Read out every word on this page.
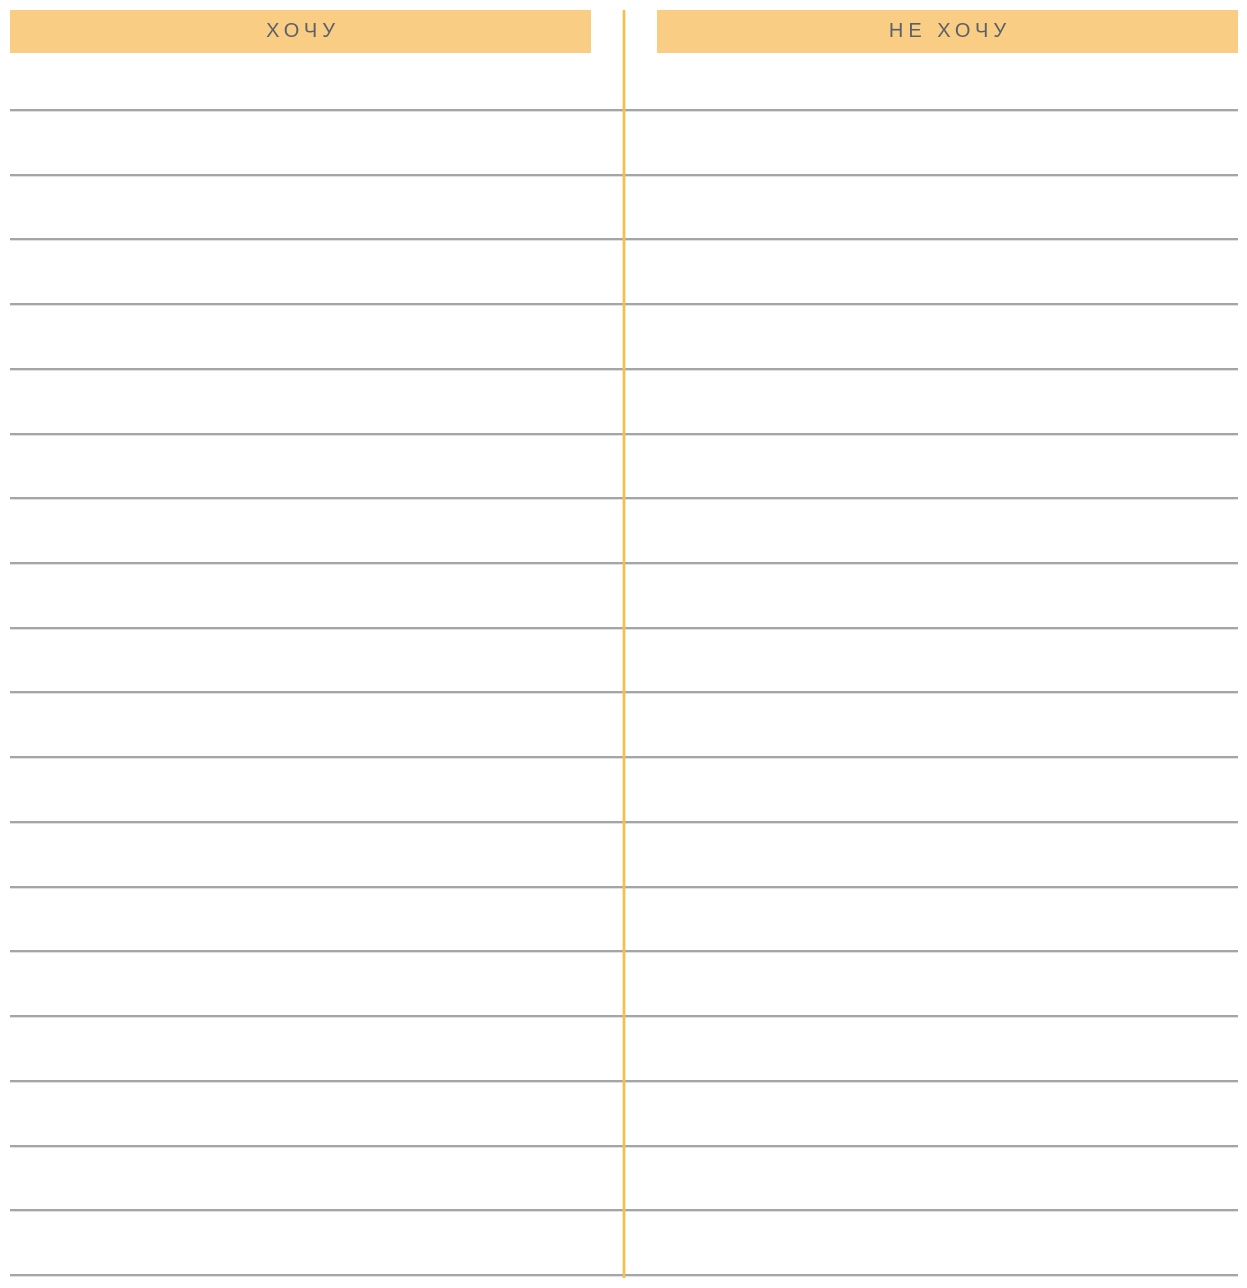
ХОЧУ	НЕ ХОЧУ
